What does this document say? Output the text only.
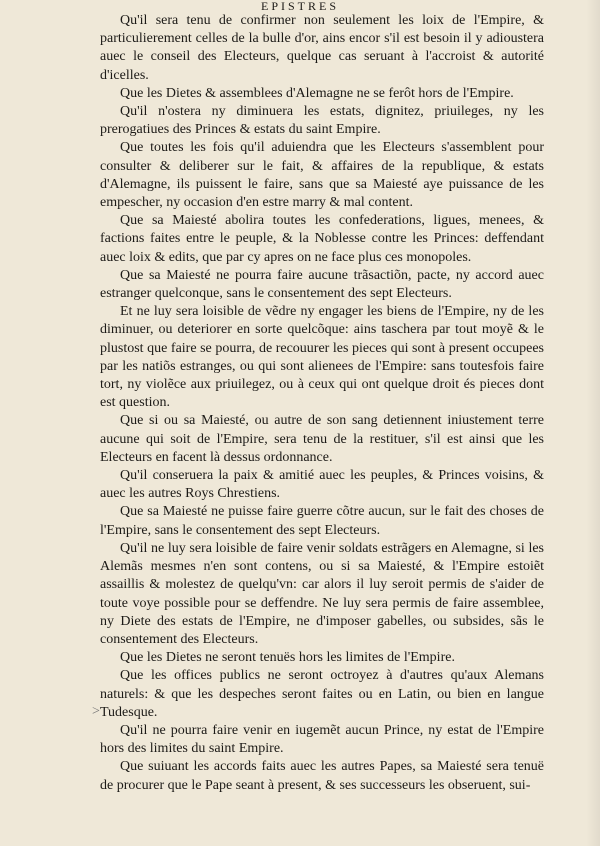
EPISTRES

Qu'il sera tenu de confirmer non seulement les loix de l'Empire, & particulierement celles de la bulle d'or, ains encor s'il est besoin il y adioustera auec le conseil des Electeurs, quelque cas seruant à l'accroist & autorité d'icelles.

Que les Dietes & assemblees d'Alemagne ne se ferôt hors de l'Empire.

Qu'il n'ostera ny diminuera les estats, dignitez, priuileges, ny les prerogatiues des Princes & estats du saint Empire.

Que toutes les fois qu'il aduiendra que les Electeurs s'assemblent pour consulter & deliberer sur le fait, & affaires de la republique, & estats d'Alemagne, ils puissent le faire, sans que sa Maiesté aye puissance de les empescher, ny occasion d'en estre marry & mal content.

Que sa Maiesté abolira toutes les confederations, ligues, menees, & factions faites entre le peuple, & la Noblesse contre les Princes: deffendant auec loix & edits, que par cy apres on ne face plus ces monopoles.

Que sa Maiesté ne pourra faire aucune trãsactiõn, pacte, ny accord auec estranger quelconque, sans le consentement des sept Electeurs.

Et ne luy sera loisible de vẽdre ny engager les biens de l'Empire, ny de les diminuer, ou deteriorer en sorte quelcõque: ains taschera par tout moyẽ & le plustost que faire se pourra, de recouurer les pieces qui sont à present occupees par les natiõs estranges, ou qui sont alienees de l'Empire: sans toutesfois faire tort, ny violẽce aux priuilegez, ou à ceux qui ont quelque droit és pieces dont est question.

Que si ou sa Maiesté, ou autre de son sang detiennent iniustement terre aucune qui soit de l'Empire, sera tenu de la restituer, s'il est ainsi que les Electeurs en facent là dessus ordonnance.

Qu'il conseruera la paix & amitié auec les peuples, & Princes voisins, & auec les autres Roys Chrestiens.

Que sa Maiesté ne puisse faire guerre cõtre aucun, sur le fait des choses de l'Empire, sans le consentement des sept Electeurs.

Qu'il ne luy sera loisible de faire venir soldats estrãgers en Alemagne, si les Alemãs mesmes n'en sont contens, ou si sa Maiesté, & l'Empire estoiẽt assaillis & molestez de quelqu'vn: car alors il luy seroit permis de s'aider de toute voye possible pour se deffendre. Ne luy sera permis de faire assemblee, ny Diete des estats de l'Empire, ne d'imposer gabelles, ou subsides, sãs le consentement des Electeurs.

Que les Dietes ne seront tenuës hors les limites de l'Empire.

Que les offices publics ne seront octroyez à d'autres qu'aux Alemans naturels: & que les despeches seront faites ou en Latin, ou bien en langue Tudesque.

Qu'il ne pourra faire venir en iugemẽt aucun Prince, ny estat de l'Empire hors des limites du saint Empire.

Que suiuant les accords faits auec les autres Papes, sa Maiesté sera tenuë de procurer que le Pape seant à present, & ses successeurs les obseruent, sui-

>
